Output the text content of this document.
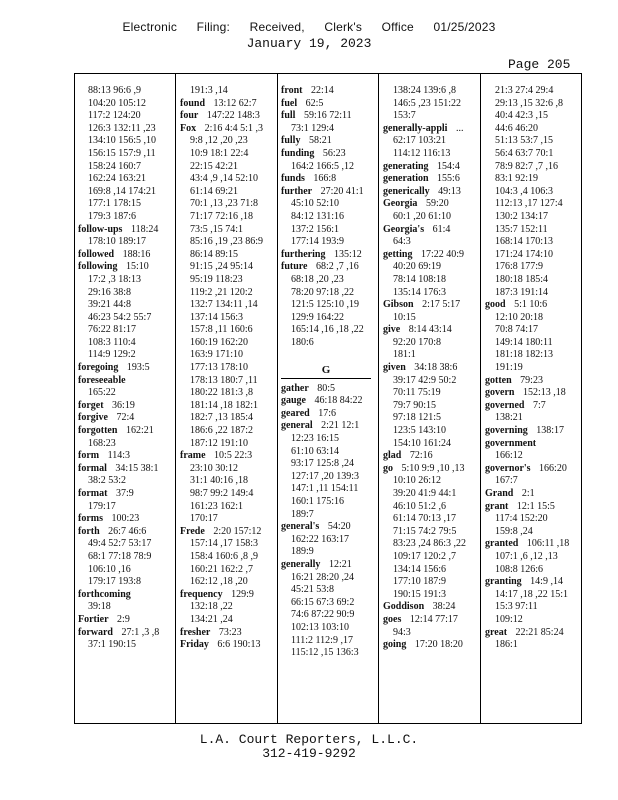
Electronic Filing: Received, Clerk's Office 01/25/2023
January 19, 2023
Page 205
88:13 96:6 ,9
104:20 105:12
117:2 124:20
126:3 132:11 ,23
134:10 156:5 ,10
156:15 157:9 ,11
158:24 160:7
162:24 163:21
169:8 ,14 174:21
177:1 178:15
179:3 187:6
follow-ups 118:24
178:10 189:17
followed 188:16
following 15:10
17:2 ,3 18:13
29:16 38:8
39:21 44:8
46:23 54:2 55:7
76:22 81:17
108:3 110:4
114:9 129:2
foregoing 193:5
foreseeable
165:22
forget 36:19
forgive 72:4
forgotten 162:21
168:23
form 114:3
formal 34:15 38:1
38:2 53:2
format 37:9
179:17
forms 100:23
forth 26:7 46:6
49:4 52:7 53:17
68:1 77:18 78:9
106:10 ,16
179:17 193:8
forthcoming
39:18
Fortier 2:9
forward 27:1 ,3 ,8
37:1 190:15
191:3 ,14
found 13:12 62:7
four 147:22 148:3
Fox 2:16 4:4 5:1 ,3
9:8 ,12 ,20 ,23
10:9 18:1 22:4
22:15 42:21
43:4 ,9 ,14 52:10
61:14 69:21
70:1 ,13 ,23 71:8
71:17 72:16 ,18
73:5 ,15 74:1
85:16 ,19 ,23 86:9
86:14 89:15
91:15 ,24 95:14
95:19 118:23
119:2 ,21 120:2
132:7 134:11 ,14
137:14 156:3
157:8 ,11 160:6
160:19 162:20
163:9 171:10
177:13 178:10
178:13 180:7 ,11
180:22 181:3 ,8
181:14 ,18 182:1
182:7 ,13 185:4
186:6 ,22 187:2
187:12 191:10
frame 10:5 22:3
23:10 30:12
31:1 40:16 ,18
98:7 99:2 149:4
161:23 162:1
170:17
Frede 2:20 157:12
157:14 ,17 158:3
158:4 160:6 ,8 ,9
160:21 162:2 ,7
162:12 ,18 ,20
frequency 129:9
132:18 ,22
134:21 ,24
fresher 73:23
Friday 6:6 190:13
front 22:14
fuel 62:5
full 59:16 72:11
73:1 129:4
fully 58:21
funding 56:23
164:2 166:5 ,12
funds 166:8
further 27:20 41:1
45:10 52:10
84:12 131:16
137:2 156:1
177:14 193:9
furthering 135:12
future 68:2 ,7 ,16
68:18 ,20 ,23
78:20 97:18 ,22
121:5 125:10 ,19
129:9 164:22
165:14 ,16 ,18 ,22
180:6

G
gather 80:5
gauge 46:18 84:22
geared 17:6
general 2:21 12:1
12:23 16:15
61:10 63:14
93:17 125:8 ,24
127:17 ,20 139:3
147:1 ,11 154:11
160:1 175:16
189:7
general's 54:20
162:22 163:17
189:9
generally 12:21
16:21 28:20 ,24
45:21 53:8
66:15 67:3 69:2
74:6 87:22 90:9
102:13 103:10
111:2 112:9 ,17
115:12 ,15 136:3
138:24 139:6 ,8
146:5 ,23 151:22
153:7
generally-appli ...
62:17 103:21
114:12 116:13
generating 154:4
generation 155:6
generically 49:13
Georgia 59:20
60:1 ,20 61:10
Georgia's 61:4
64:3
getting 17:22 40:9
40:20 69:19
78:14 108:18
135:14 176:3
Gibson 2:17 5:17
10:15
give 8:14 43:14
92:20 170:8
181:1
given 34:18 38:6
39:17 42:9 50:2
70:11 75:19
79:7 90:15
97:18 121:5
123:5 143:10
154:10 161:24
glad 72:16
go 5:10 9:9 ,10 ,13
10:10 26:12
39:20 41:9 44:1
46:10 51:2 ,6
61:14 70:13 ,17
71:15 74:2 79:5
83:23 ,24 86:3 ,22
109:17 120:2 ,7
134:14 156:6
177:10 187:9
190:15 191:3
Goddison 38:24
goes 12:14 77:17
94:3
going 17:20 18:20
21:3 27:4 29:4
29:13 ,15 32:6 ,8
40:4 42:3 ,15
44:6 46:20
51:13 53:7 ,15
56:4 63:7 70:1
78:9 82:7 ,7 ,16
83:1 92:19
104:3 ,4 106:3
112:13 ,17 127:4
130:2 134:17
135:7 152:11
168:14 170:13
171:24 174:10
176:8 177:9
180:18 185:4
187:3 191:14
good 5:1 10:6
12:10 20:18
70:8 74:17
149:14 180:11
181:18 182:13
191:19
gotten 79:23
govern 152:13 ,18
governed 7:7
138:21
governing 138:17
government
166:12
governor's 166:20
167:7
Grand 2:1
grant 12:1 15:5
117:4 152:20
159:8 ,24
granted 106:11 ,18
107:1 ,6 ,12 ,13
108:8 126:6
granting 14:9 ,14
14:17 ,18 ,22 15:1
15:3 97:11
109:12
great 22:21 85:24
186:1
L.A. Court Reporters, L.L.C.
312-419-9292
